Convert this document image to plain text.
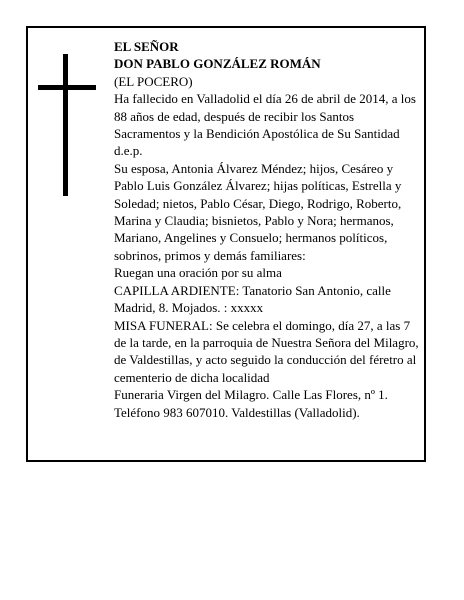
EL SEÑOR

DON PABLO GONZÁLEZ ROMÁN

(EL POCERO)

Ha fallecido en Valladolid el día 26 de abril de 2014, a los 88 años de edad, después de recibir los Santos Sacramentos y la Bendición Apostólica de Su Santidad

d.e.p.

Su esposa, Antonia Álvarez Méndez; hijos, Cesáreo y Pablo Luis González Álvarez; hijas políticas, Estrella y Soledad; nietos, Pablo César, Diego, Rodrigo, Roberto, Marina y Claudia; bisnietos, Pablo y Nora; hermanos, Mariano, Angelines y Consuelo; hermanos políticos, sobrinos, primos y demás familiares:

Ruegan una oración por su alma

CAPILLA ARDIENTE: Tanatorio San Antonio, calle Madrid, 8. Mojados. : xxxxx

MISA FUNERAL: Se celebra el domingo, día 27, a las 7 de la tarde, en la parroquia de Nuestra Señora del Milagro, de Valdestillas, y acto seguido la conducción del féretro al cementerio de dicha localidad

Funeraria Virgen del Milagro. Calle Las Flores, nº 1. Teléfono 983 607010. Valdestillas (Valladolid).
